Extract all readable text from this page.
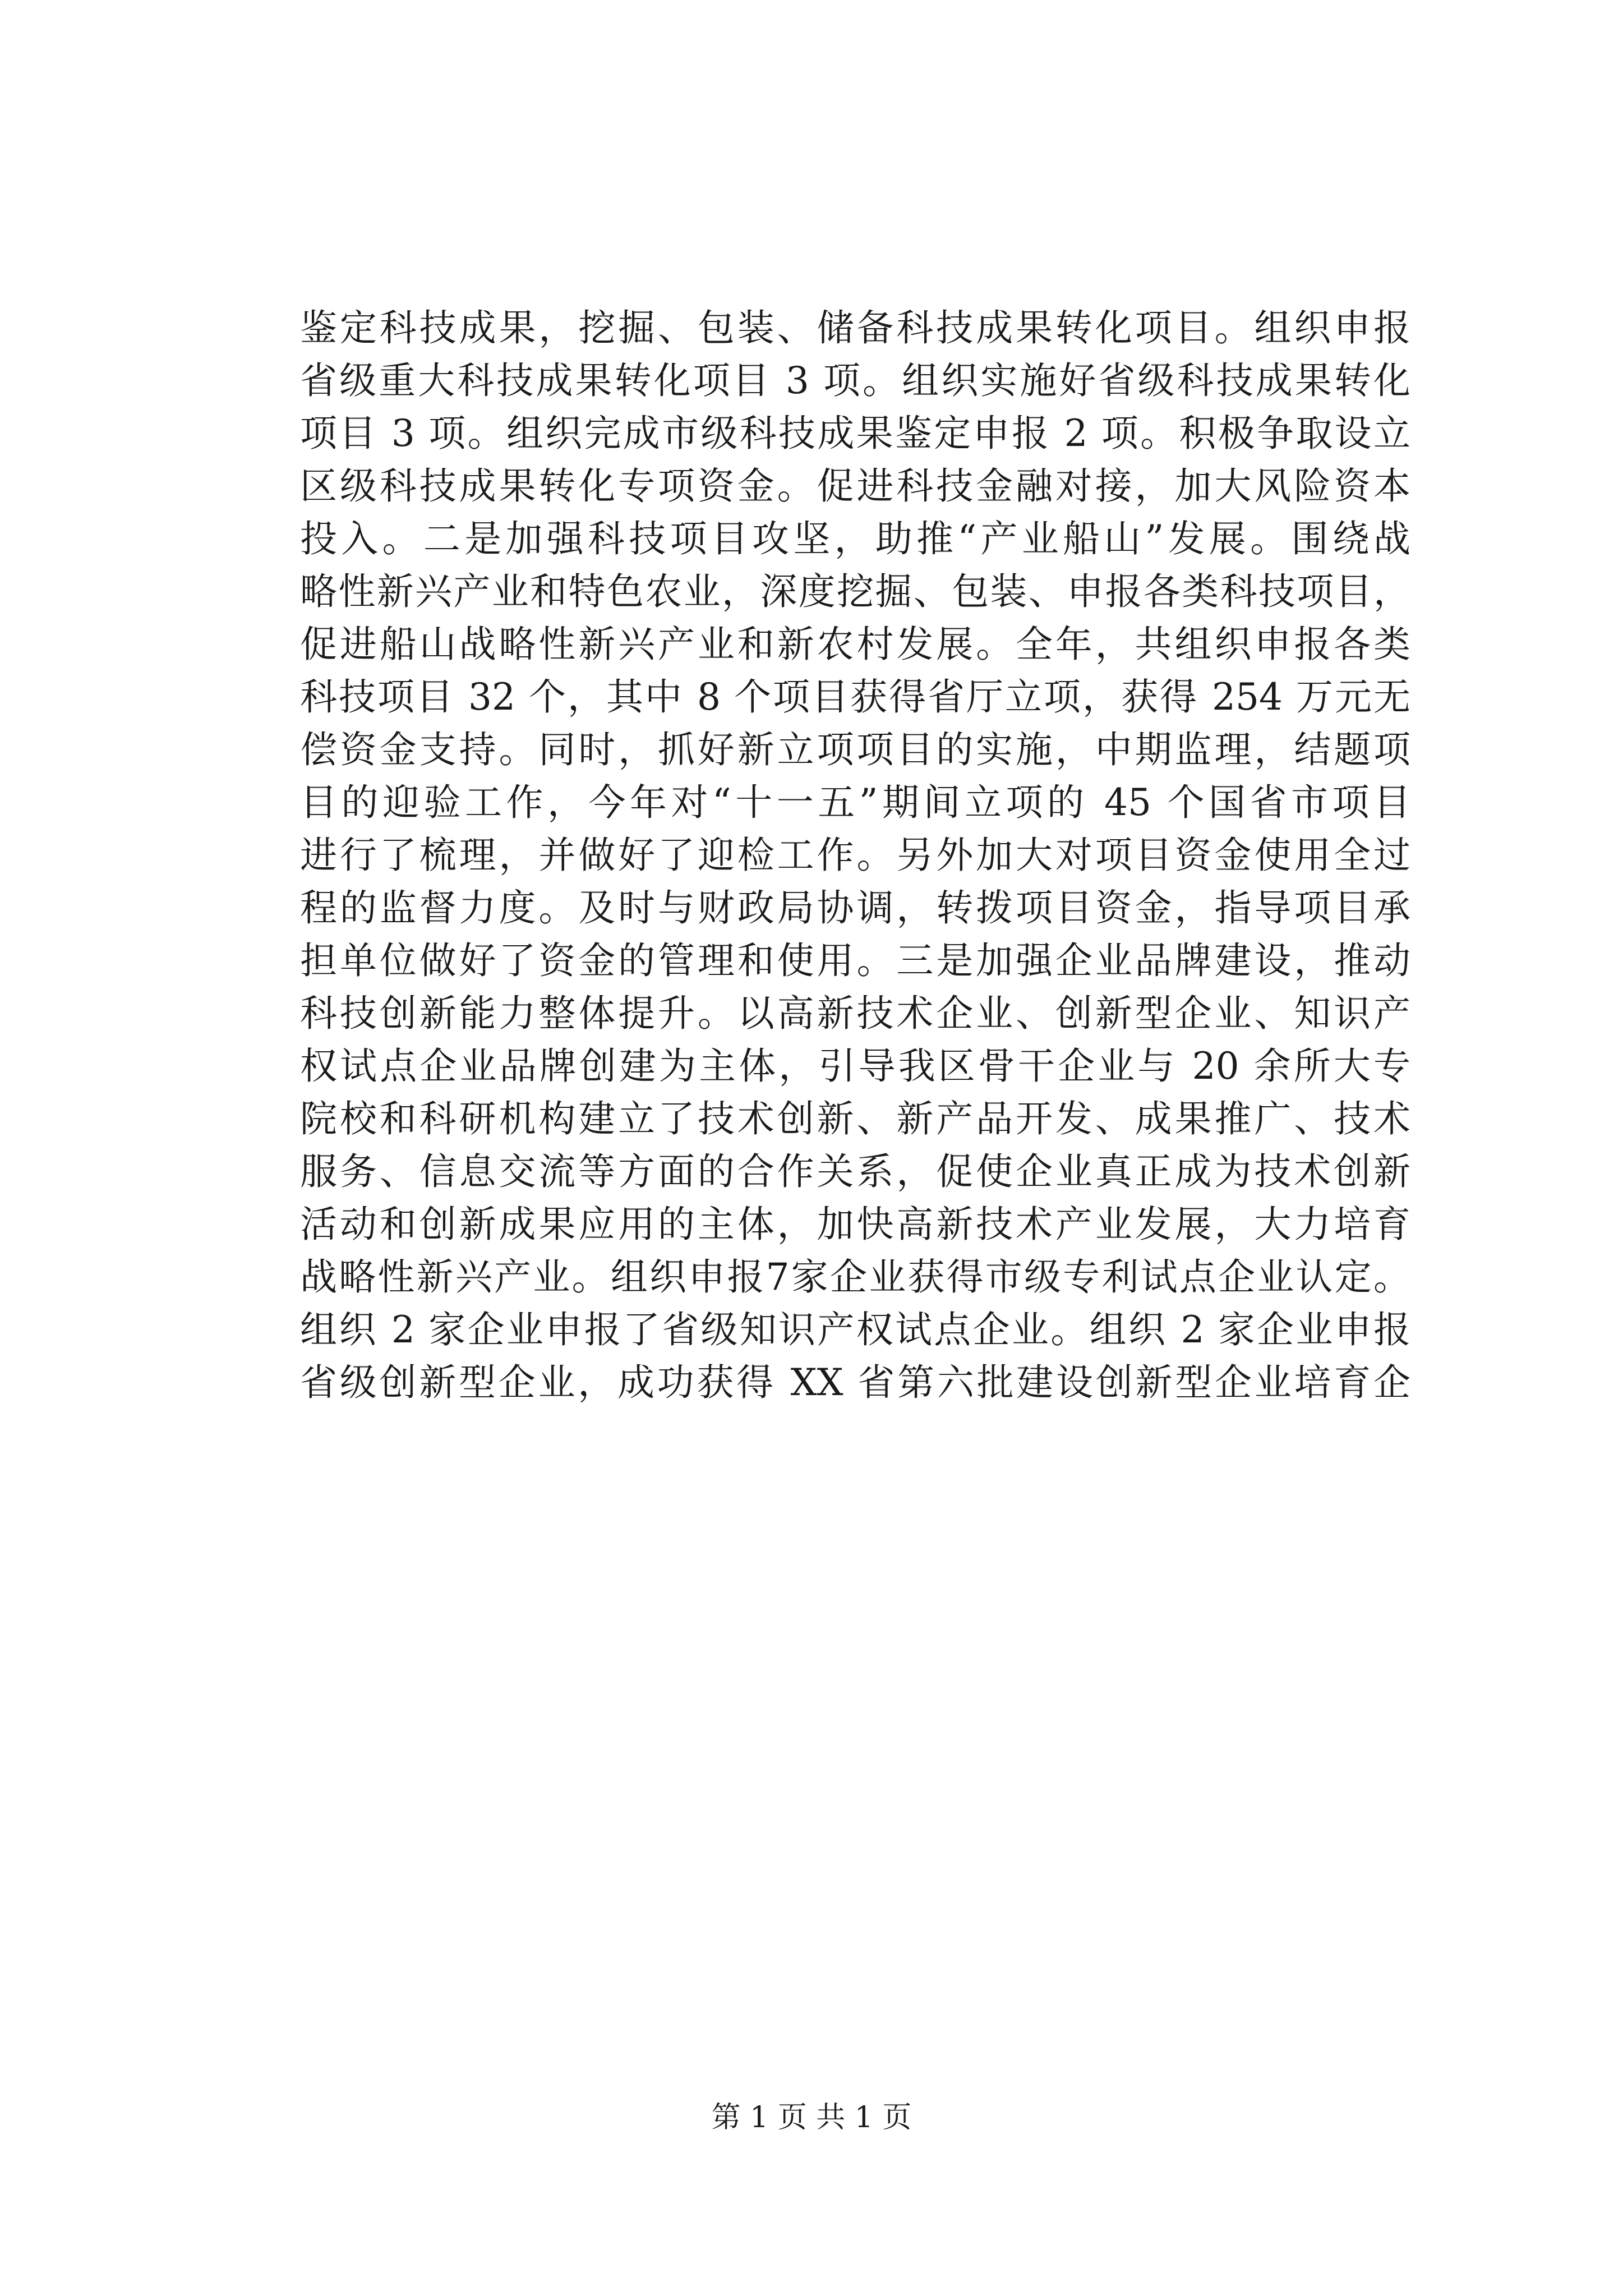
鉴定科技成果，挖掘、包装、储备科技成果转化项目。组织申报
省级重大科技成果转化项目 3 项。组织实施好省级科技成果转化
项目 3 项。组织完成市级科技成果鉴定申报 2 项。积极争取设立
区级科技成果转化专项资金。促进科技金融对接，加大风险资本
投入。二是加强科技项目攻坚，助推“产业船山”发展。围绕战
略性新兴产业和特色农业，深度挖掘、包装、申报各类科技项目，
促进船山战略性新兴产业和新农村发展。全年，共组织申报各类
科技项目 32 个，其中 8 个项目获得省厅立项，获得 254 万元无
偿资金支持。同时，抓好新立项项目的实施，中期监理，结题项
目的迎验工作，今年对“十一五”期间立项的 45 个国省市项目
进行了梳理，并做好了迎检工作。另外加大对项目资金使用全过
程的监督力度。及时与财政局协调，转拨项目资金，指导项目承
担单位做好了资金的管理和使用。三是加强企业品牌建设，推动
科技创新能力整体提升。以高新技术企业、创新型企业、知识产
权试点企业品牌创建为主体，引导我区骨干企业与 20 余所大专
院校和科研机构建立了技术创新、新产品开发、成果推广、技术
服务、信息交流等方面的合作关系，促使企业真正成为技术创新
活动和创新成果应用的主体，加快高新技术产业发展，大力培育
战略性新兴产业。组织申报7家企业获得市级专利试点企业认定。
组织 2 家企业申报了省级知识产权试点企业。组织 2 家企业申报
省级创新型企业，成功获得 XX 省第六批建设创新型企业培育企
第 1 页 共 1 页
